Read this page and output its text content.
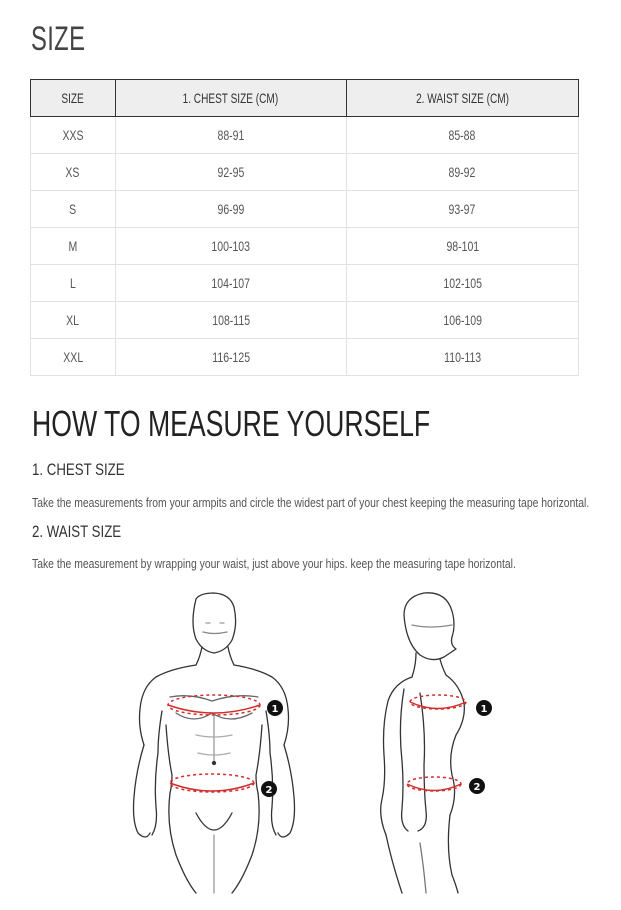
SIZE
SIZE	1. CHEST SIZE (CM)	2. WAIST SIZE (CM)
XXS	88-91	85-88
XS	92-95	89-92
S	96-99	93-97
M	100-103	98-101
L	104-107	102-105
XL	108-115	106-109
XXL	116-125	110-113
HOW TO MEASURE YOURSELF
1. CHEST SIZE
Take the measurements from your armpits and circle the widest part of your chest keeping the measuring tape horizontal.
2. WAIST SIZE
Take the measurement by wrapping your waist, just above your hips. keep the measuring tape horizontal.
1
2
1
2
